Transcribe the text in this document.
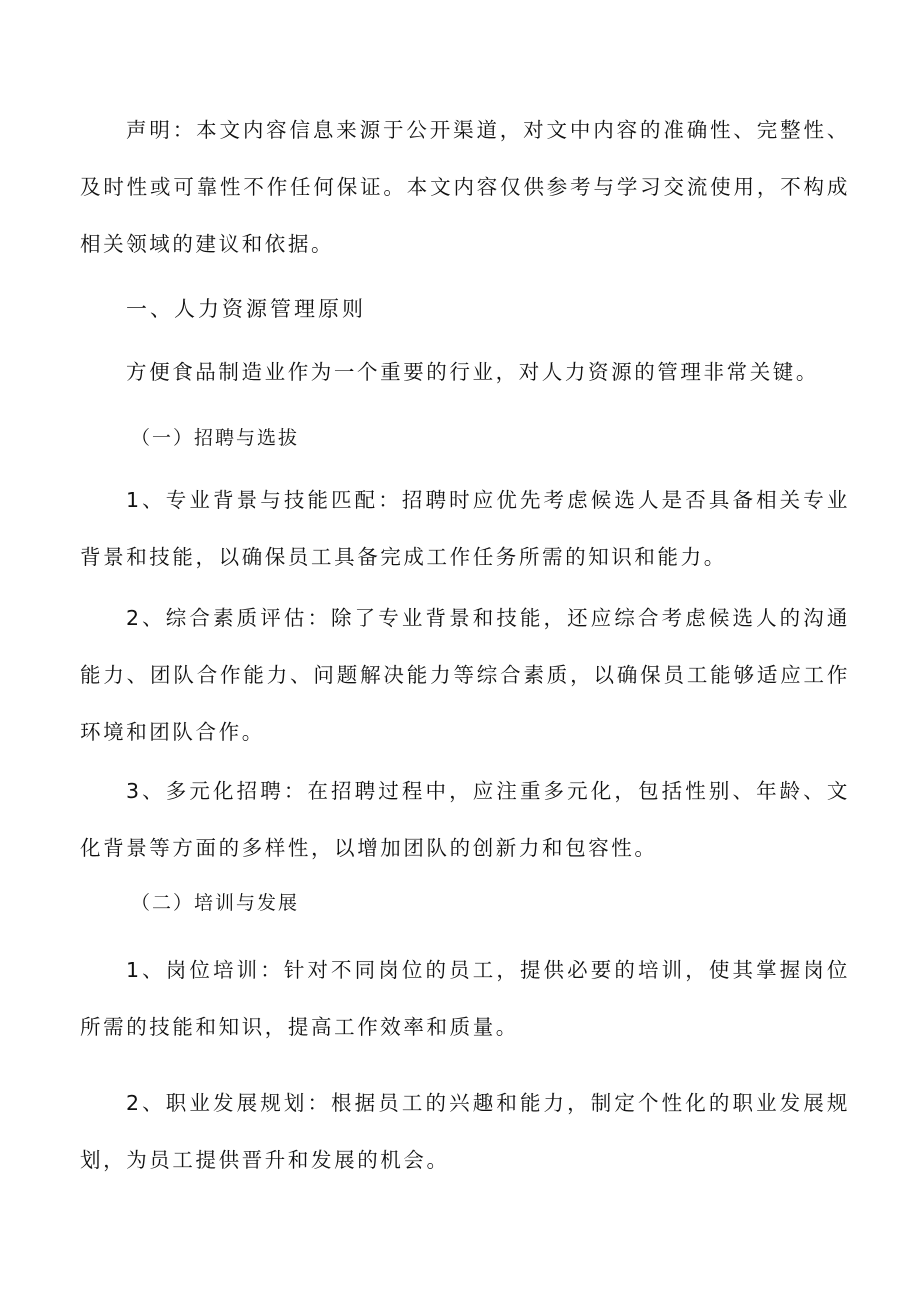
声明：本文内容信息来源于公开渠道，对文中内容的准确性、完整性、及时性或可靠性不作任何保证。本文内容仅供参考与学习交流使用，不构成相关领域的建议和依据。

一、人力资源管理原则

方便食品制造业作为一个重要的行业，对人力资源的管理非常关键。

（一）招聘与选拔

1、专业背景与技能匹配：招聘时应优先考虑候选人是否具备相关专业背景和技能，以确保员工具备完成工作任务所需的知识和能力。

2、综合素质评估：除了专业背景和技能，还应综合考虑候选人的沟通能力、团队合作能力、问题解决能力等综合素质，以确保员工能够适应工作环境和团队合作。

3、多元化招聘：在招聘过程中，应注重多元化，包括性别、年龄、文化背景等方面的多样性，以增加团队的创新力和包容性。

（二）培训与发展

1、岗位培训：针对不同岗位的员工，提供必要的培训，使其掌握岗位所需的技能和知识，提高工作效率和质量。

2、职业发展规划：根据员工的兴趣和能力，制定个性化的职业发展规划，为员工提供晋升和发展的机会。
